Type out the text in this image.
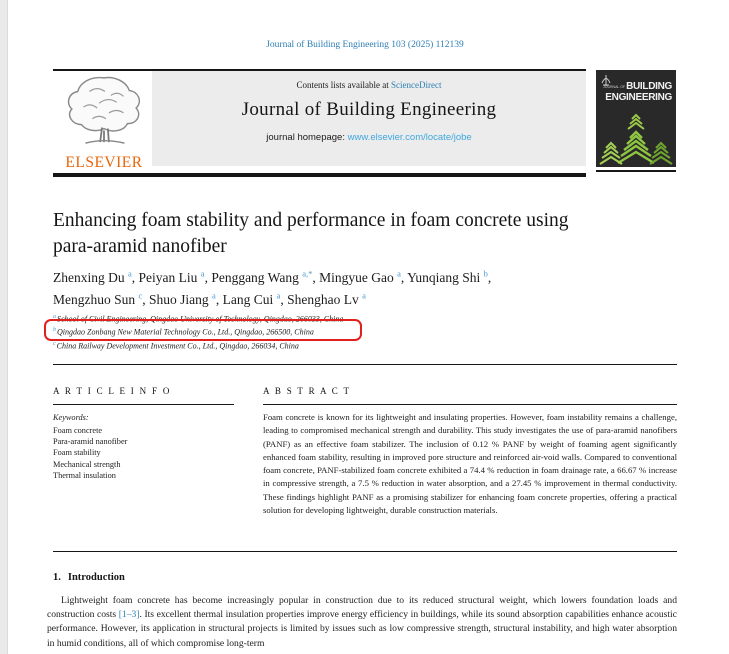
Journal of Building Engineering 103 (2025) 112139
ELSEVIER
Contents lists available at ScienceDirect
Journal of Building Engineering
journal homepage: www.elsevier.com/locate/jobe
JOURNAL OFBUILDING
ENGINEERING
Enhancing foam stability and performance in foam concrete using
para-aramid nanofiber
Zhenxing Du $^a$, Peiyan Liu $^a$, Penggang Wang $^{a,*}$, Mingyue Gao $^a$, Yunqiang Shi $^b$,
Mengzhuo Sun $^c$, Shuo Jiang $^a$, Lang Cui $^a$, Shenghao Lv $^a$
$^a$School of Civil Engineering, Qingdao University of Technology, Qingdao, 266033, China
$^b$Qingdao Zonbang New Material Technology Co., Ltd., Qingdao, 266500, China
$^c$China Railway Development Investment Co., Ltd., Qingdao, 266034, China
A R T I C L E I N F O
Keywords:
Foam concrete
Para-aramid nanofiber
Foam stability
Mechanical strength
Thermal insulation
A B S T R A C T
Foam concrete is known for its lightweight and insulating properties. However, foam instability remains a challenge, leading to compromised mechanical strength and durability. This study investigates the use of para-aramid nanofibers (PANF) as an effective foam stabilizer. The inclusion of 0.12 % PANF by weight of foaming agent significantly enhanced foam stability, resulting in improved pore structure and reinforced air-void walls. Compared to conventional foam concrete, PANF-stabilized foam concrete exhibited a 74.4 % reduction in foam drainage rate, a 66.67 % increase in compressive strength, a 7.5 % reduction in water absorption, and a 27.45 % improvement in thermal conductivity. These findings highlight PANF as a promising stabilizer for enhancing foam concrete properties, offering a practical solution for developing lightweight, durable construction materials.
1. Introduction

Lightweight foam concrete has become increasingly popular in construction due to its reduced structural weight, which lowers foundation loads and construction costs [1–3]. Its excellent thermal insulation properties improve energy efficiency in buildings, while its sound absorption capabilities enhance acoustic performance. However, its application in structural projects is limited by issues such as low compressive strength, structural instability, and high water absorption in humid conditions, all of which compromise long-term
